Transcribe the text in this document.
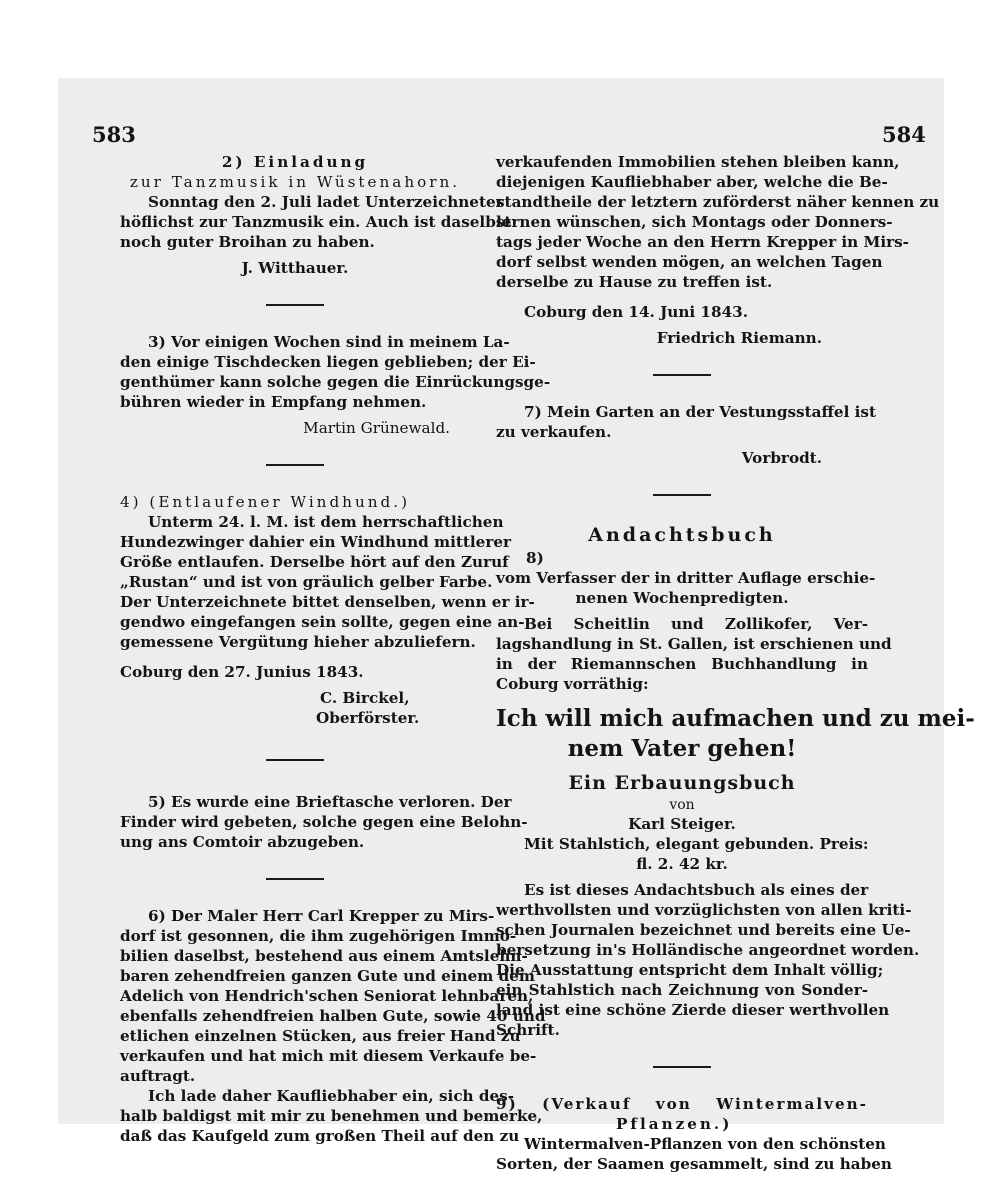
583	584
2) Einladung
zur Tanzmusik in Wüstenahorn.
Sonntag den 2. Juli ladet Unterzeichneter
höflichst zur Tanzmusik ein. Auch ist daselbst
noch guter Broihan zu haben.
J. Witthauer.
3) Vor einigen Wochen sind in meinem La-
den einige Tischdecken liegen geblieben; der Ei-
genthümer kann solche gegen die Einrückungsge-
bühren wieder in Empfang nehmen.
Martin Grünewald.
4) (Entlaufener Windhund.)
Unterm 24. l. M. ist dem herrschaftlichen
Hundezwinger dahier ein Windhund mittlerer
Größe entlaufen. Derselbe hört auf den Zuruf
„Rustan“ und ist von gräulich gelber Farbe.
Der Unterzeichnete bittet denselben, wenn er ir-
gendwo eingefangen sein sollte, gegen eine an-
gemessene Vergütung hieher abzuliefern.
Coburg den 27. Junius 1843.
C. Birckel,
Oberförster.
5) Es wurde eine Brieftasche verloren. Der
Finder wird gebeten, solche gegen eine Belohn-
ung ans Comtoir abzugeben.
6) Der Maler Herr Carl Krepper zu Mirs-
dorf ist gesonnen, die ihm zugehörigen Immo-
bilien daselbst, bestehend aus einem Amtslehn-
baren zehendfreien ganzen Gute und einem dem
Adelich von Hendrich'schen Seniorat lehnbaren,
ebenfalls zehendfreien halben Gute, sowie 40 und
etlichen einzelnen Stücken, aus freier Hand zu
verkaufen und hat mich mit diesem Verkaufe be-
auftragt.
Ich lade daher Kaufliebhaber ein, sich des-
halb baldigst mit mir zu benehmen und bemerke,
daß das Kaufgeld zum großen Theil auf den zu
verkaufenden Immobilien stehen bleiben kann,
diejenigen Kaufliebhaber aber, welche die Be-
standtheile der letztern zuförderst näher kennen zu
lernen wünschen, sich Montags oder Donners-
tags jeder Woche an den Herrn Krepper in Mirs-
dorf selbst wenden mögen, an welchen Tagen
derselbe zu Hause zu treffen ist.
Coburg den 14. Juni 1843.
Friedrich Riemann.
7) Mein Garten an der Vestungsstaffel ist
zu verkaufen.
Vorbrodt.
Andachtsbuch
8)
vom Verfasser der in dritter Auflage erschie-
nenen Wochenpredigten.
Bei Scheitlin und Zollikofer, Ver-
lagshandlung in St. Gallen, ist erschienen und
in der Riemannschen Buchhandlung in
Coburg vorräthig:
Ich will mich aufmachen und zu mei-
nem Vater gehen!
Ein Erbauungsbuch
von
Karl Steiger.
Mit Stahlstich, elegant gebunden. Preis:
fl. 2. 42 kr.
Es ist dieses Andachtsbuch als eines der
werthvollsten und vorzüglichsten von allen kriti-
schen Journalen bezeichnet und bereits eine Ue-
bersetzung in's Holländische angeordnet worden.
Die Ausstattung entspricht dem Inhalt völlig;
ein Stahlstich nach Zeichnung von Sonder-
land ist eine schöne Zierde dieser werthvollen
Schrift.
9) (Verkauf von Wintermalven-
Pflanzen.)
Wintermalven-Pflanzen von den schönsten
Sorten, der Saamen gesammelt, sind zu haben
